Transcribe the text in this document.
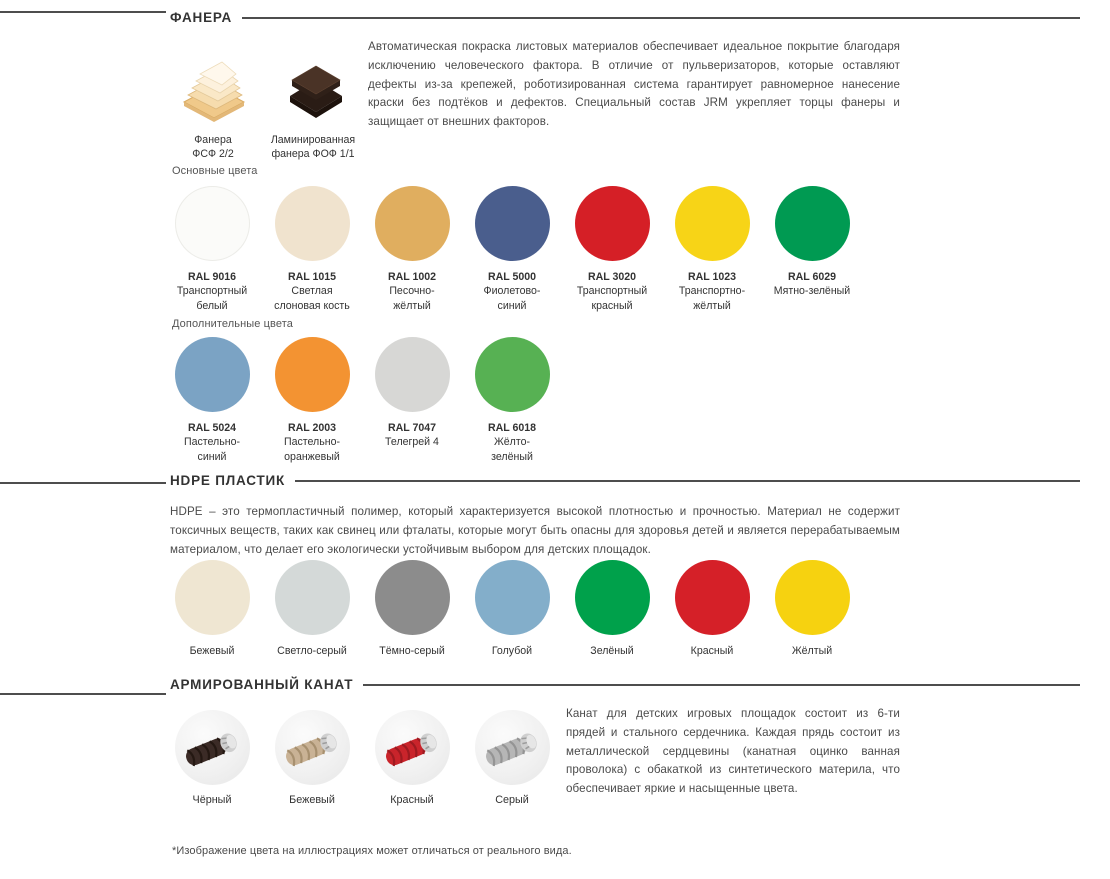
ФАНЕРА
Фанера
ФСФ 2/2
Ламинированная
фанера ФОФ 1/1
Автоматическая покраска листовых материалов обеспечивает идеальное покрытие благодаря исключению человеческого фактора. В отличие от пульверизаторов, которые оставляют дефекты из-за крепежей, роботизированная система гарантирует равномерное нанесение краски без подтёков и дефектов. Специальный состав JRM укрепляет торцы фанеры и защищает от внешних факторов.
Основные цвета
RAL 9016
Транспортный
белый
RAL 1015
Светлая
слоновая кость
RAL 1002
Песочно-
жёлтый
RAL 5000
Фиолетово-
синий
RAL 3020
Транспортный
красный
RAL 1023
Транспортно-
жёлтый
RAL 6029
Мятно-зелёный
Дополнительные цвета
RAL 5024
Пастельно-
синий
RAL 2003
Пастельно-
оранжевый
RAL 7047
Телегрей 4
RAL 6018
Жёлто-
зелёный
HDPE ПЛАСТИК
HDPE – это термопластичный полимер, который характеризуется высокой плотностью и прочностью. Материал не содержит токсичных веществ, таких как свинец или фталаты, которые могут быть опасны для здоровья детей и является перерабатываемым материалом, что делает его экологически устойчивым выбором для детских площадок.
Бежевый	Светло-серый	Тёмно-серый	Голубой	Зелёный	Красный	Жёлтый
АРМИРОВАННЫЙ КАНАТ
Канат для детских игровых площадок состоит из 6-ти прядей и стального сердечника. Каждая прядь состоит из металлической сердцевины (канатная оцинко ванная проволока) с обакаткой из синтетического материла, что обеспечивает яркие и насыщенные цвета.
Чёрный	Бежевый	Красный	Серый
*Изображение цвета на иллюстрациях может отличаться от реального вида.
